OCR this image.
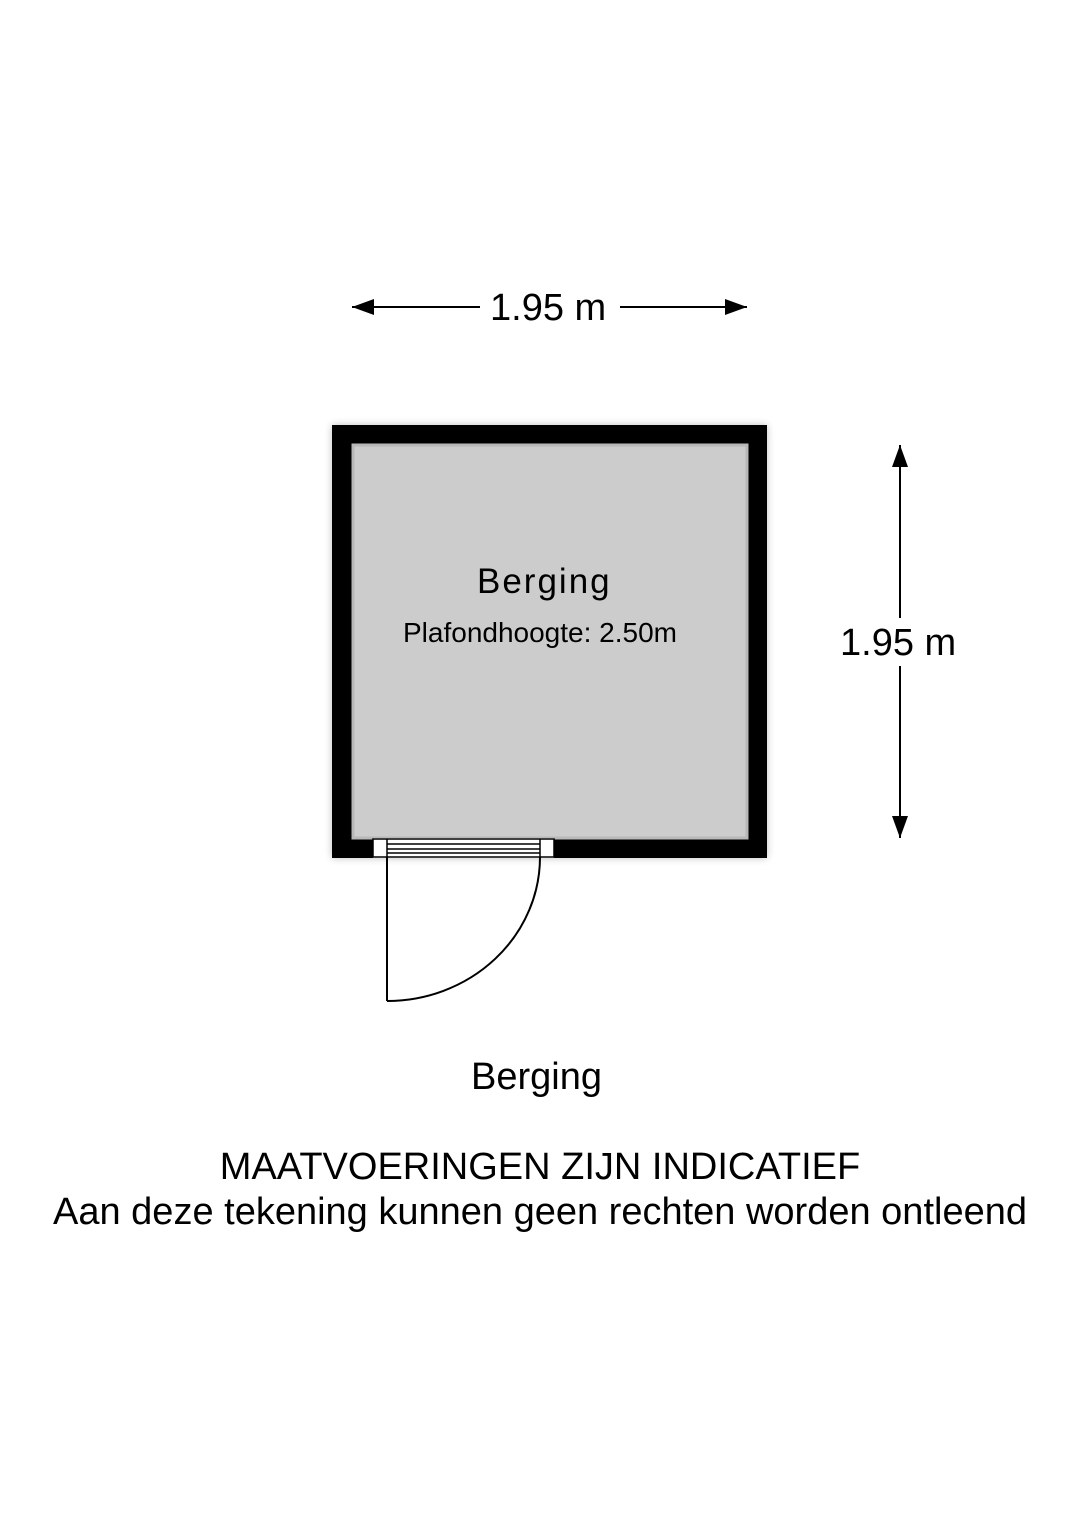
1.95 m
1.95 m
Berging
Plafondhoogte: 2.50m
Berging
MAATVOERINGEN ZIJN INDICATIEF
Aan deze tekening kunnen geen rechten worden ontleend
